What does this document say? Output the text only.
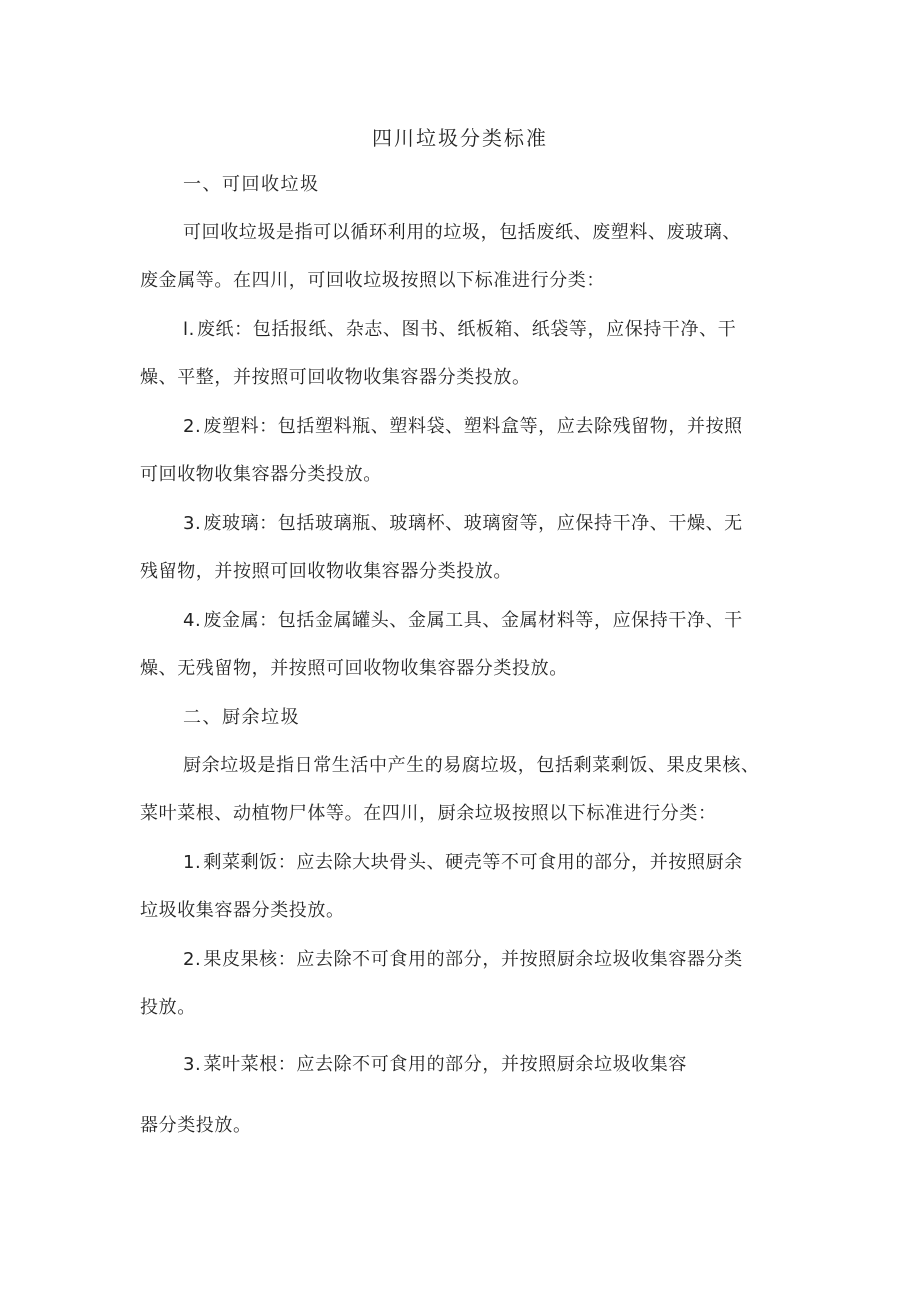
四川垃圾分类标准
一、可回收垃圾
可回收垃圾是指可以循环利用的垃圾，包括废纸、废塑料、废玻璃、
废金属等。在四川，可回收垃圾按照以下标准进行分类：
l. 废纸：包括报纸、杂志、图书、纸板箱、纸袋等，应保持干净、干
燥、平整，并按照可回收物收集容器分类投放。
2. 废塑料：包括塑料瓶、塑料袋、塑料盒等，应去除残留物，并按照
可回收物收集容器分类投放。
3. 废玻璃：包括玻璃瓶、玻璃杯、玻璃窗等，应保持干净、干燥、无
残留物，并按照可回收物收集容器分类投放。
4. 废金属：包括金属罐头、金属工具、金属材料等，应保持干净、干
燥、无残留物，并按照可回收物收集容器分类投放。
二、厨余垃圾
厨余垃圾是指日常生活中产生的易腐垃圾，包括剩菜剩饭、果皮果核、
菜叶菜根、动植物尸体等。在四川，厨余垃圾按照以下标准进行分类：
1. 剩菜剩饭：应去除大块骨头、硬壳等不可食用的部分，并按照厨余
垃圾收集容器分类投放。
2. 果皮果核：应去除不可食用的部分，并按照厨余垃圾收集容器分类
投放。
3. 菜叶菜根：应去除不可食用的部分，并按照厨余垃圾收集容
器分类投放。
